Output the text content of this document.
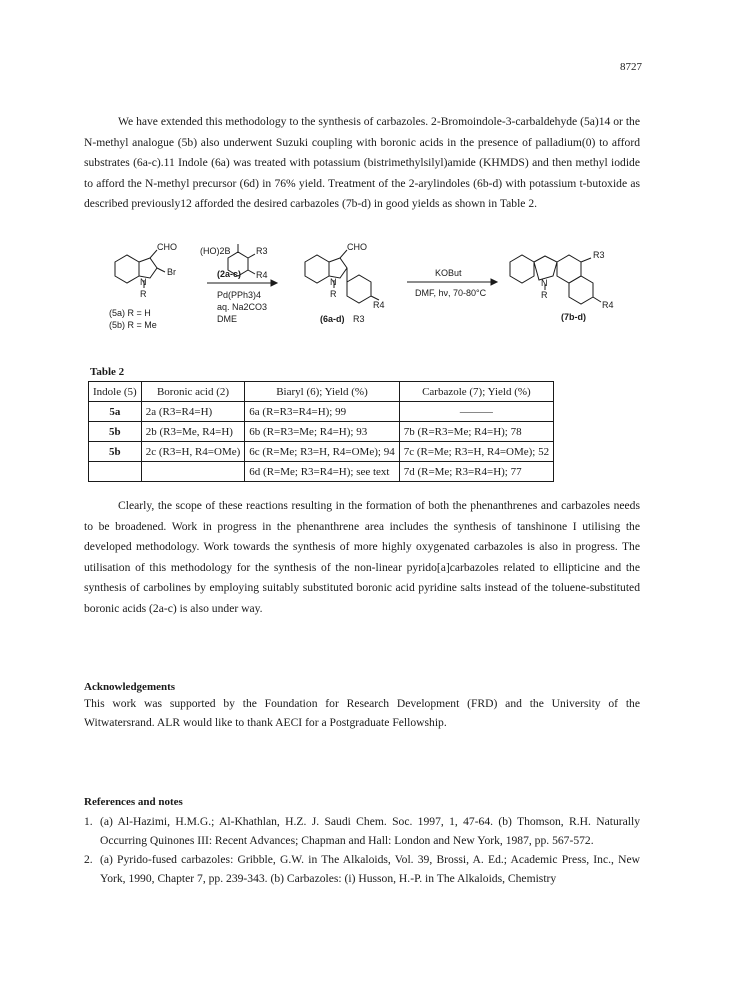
8727
We have extended this methodology to the synthesis of carbazoles. 2-Bromoindole-3-carbaldehyde (5a)14 or the N-methyl analogue (5b) also underwent Suzuki coupling with boronic acids in the presence of palladium(0) to afford substrates (6a-c).11 Indole (6a) was treated with potassium (bistrimethylsilyl)amide (KHMDS) and then methyl iodide to afford the N-methyl precursor (6d) in 76% yield. Treatment of the 2-arylindoles (6b-d) with potassium t-butoxide as described previously12 afforded the desired carbazoles (7b-d) in good yields as shown in Table 2.
CHO
Br
N
R
(5a) R = H
(5b) R = Me
(HO)2B	R3
R4
(2a-c)
Pd(PPh3)4
aq. Na2CO3
DME
CHO
N
R
R4
R3
(6a-d)
KOBut
DMF, hν, 70-80°C
N
R
R3
R4
(7b-d)
Table 2
Indole (5)	Boronic acid (2)	Biaryl (6); Yield (%)	Carbazole (7); Yield (%)
5a	2a (R3=R4=H)	6a (R=R3=R4=H); 99	———
5b	2b (R3=Me, R4=H)	6b (R=R3=Me; R4=H); 93	7b (R=R3=Me; R4=H); 78
5b	2c (R3=H, R4=OMe)	6c (R=Me; R3=H, R4=OMe); 94	7c (R=Me; R3=H, R4=OMe); 52
		6d (R=Me; R3=R4=H); see text	7d (R=Me; R3=R4=H); 77
Clearly, the scope of these reactions resulting in the formation of both the phenanthrenes and carbazoles needs to be broadened. Work in progress in the phenanthrene area includes the synthesis of tanshinone I utilising the developed methodology. Work towards the synthesis of more highly oxygenated carbazoles is also in progress. The utilisation of this methodology for the synthesis of the non-linear pyrido[a]carbazoles related to ellipticine and the synthesis of carbolines by employing suitably substituted boronic acid pyridine salts instead of the toluene-substituted boronic acids (2a-c) is also under way.
Acknowledgements
This work was supported by the Foundation for Research Development (FRD) and the University of the Witwatersrand. ALR would like to thank AECI for a Postgraduate Fellowship.
References and notes
1. (a) Al-Hazimi, H.M.G.; Al-Khathlan, H.Z. J. Saudi Chem. Soc. 1997, 1, 47-64. (b) Thomson, R.H. Naturally Occurring Quinones III: Recent Advances; Chapman and Hall: London and New York, 1987, pp. 567-572.
2. (a) Pyrido-fused carbazoles: Gribble, G.W. in The Alkaloids, Vol. 39, Brossi, A. Ed.; Academic Press, Inc., New York, 1990, Chapter 7, pp. 239-343. (b) Carbazoles: (i) Husson, H.-P. in The Alkaloids, Chemistry
